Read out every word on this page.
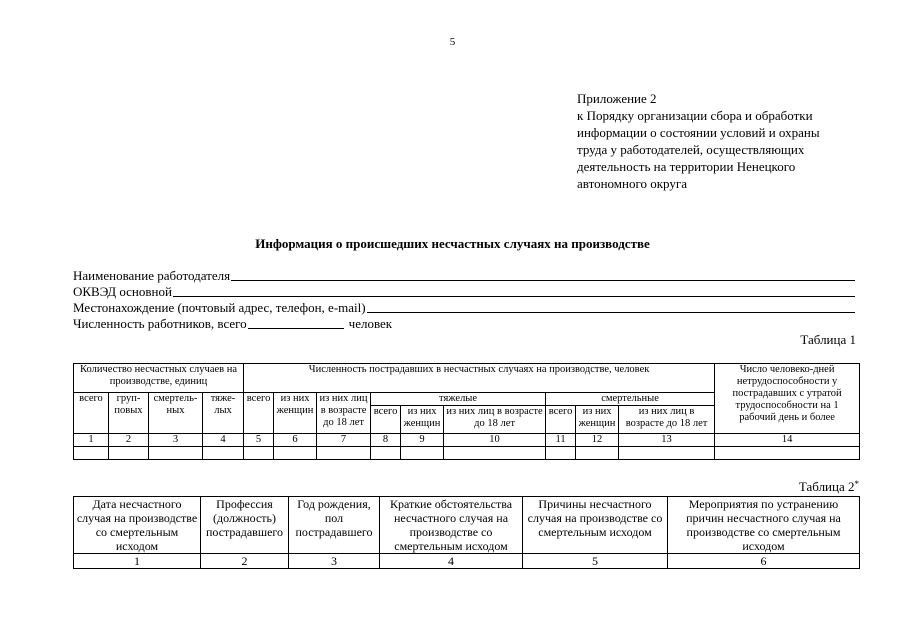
5
Приложение 2
к Порядку организации сбора и обработки
информации о состоянии условий и охраны
труда у работодателей, осуществляющих
деятельность на территории Ненецкого
автономного округа
Информация о происшедших несчастных случаях на производстве
Наименование работодателя
ОКВЭД основной
Местонахождение (почтовый адрес, телефон, e-mail)
Численность работников, всего	человек
Таблица 1
Количество несчастных случаев на производстве, единиц				Численность пострадавших в несчастных случаях на производстве, человек									Число человеко-дней нетрудоспособности у пострадавших с утратой трудоспособности на 1 рабочий день и более
всего	груп-повых	смертель-ных	тяже-лых	всего	из них женщин	из них лиц в возрасте до 18 лет	тяжелые			смертельные			
							всего	из них женщин	из них лиц в возрасте до 18 лет	всего	из них женщин	из них лиц в возрасте до 18 лет	
1	2	3	4	5	6	7	8	9	10	11	12	13	14

Таблица 2*
Дата несчастного случая на производстве со смертельным исходом	Профессия (должность) пострадавшего	Год рождения, пол пострадавшего	Краткие обстоятельства несчастного случая на производстве со смертельным исходом	Причины несчастного случая на производстве со смертельным исходом	Мероприятия по устранению причин несчастного случая на производстве со смертельным исходом
1	2	3	4	5	6
